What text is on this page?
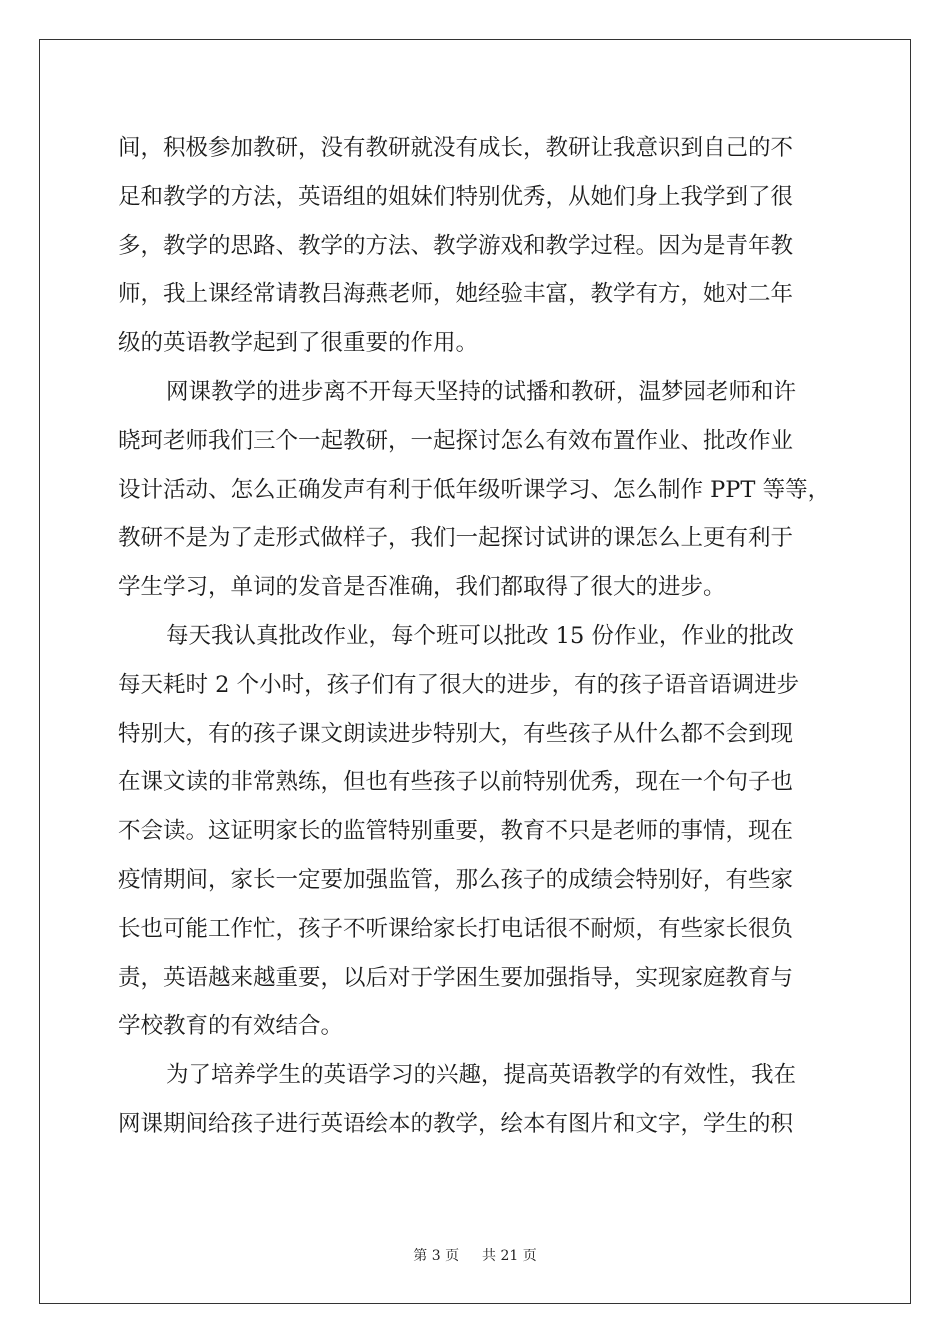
间，积极参加教研，没有教研就没有成长，教研让我意识到自己的不
足和教学的方法，英语组的姐妹们特别优秀，从她们身上我学到了很
多，教学的思路、教学的方法、教学游戏和教学过程。因为是青年教
师，我上课经常请教吕海燕老师，她经验丰富，教学有方，她对二年
级的英语教学起到了很重要的作用。
网课教学的进步离不开每天坚持的试播和教研，温梦园老师和许
晓珂老师我们三个一起教研，一起探讨怎么有效布置作业、批改作业
设计活动、怎么正确发声有利于低年级听课学习、怎么制作 PPT 等等，
教研不是为了走形式做样子，我们一起探讨试讲的课怎么上更有利于
学生学习，单词的发音是否准确，我们都取得了很大的进步。
每天我认真批改作业，每个班可以批改 15 份作业，作业的批改
每天耗时 2 个小时，孩子们有了很大的进步，有的孩子语音语调进步
特别大，有的孩子课文朗读进步特别大，有些孩子从什么都不会到现
在课文读的非常熟练，但也有些孩子以前特别优秀，现在一个句子也
不会读。这证明家长的监管特别重要，教育不只是老师的事情，现在
疫情期间，家长一定要加强监管，那么孩子的成绩会特别好，有些家
长也可能工作忙，孩子不听课给家长打电话很不耐烦，有些家长很负
责，英语越来越重要，以后对于学困生要加强指导，实现家庭教育与
学校教育的有效结合。
为了培养学生的英语学习的兴趣，提高英语教学的有效性，我在
网课期间给孩子进行英语绘本的教学，绘本有图片和文字，学生的积
第 3 页 共 21 页
